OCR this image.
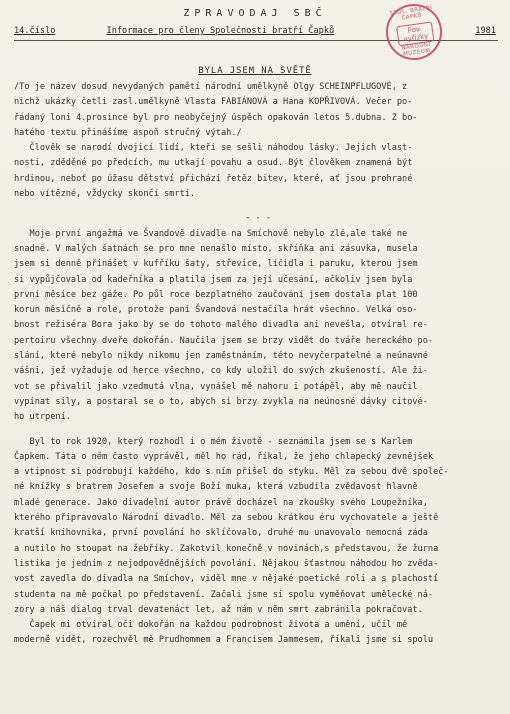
ZPRAVODAJ SBČ
14.číslo	Informace pro členy Společnosti bratří Čapků	1981
SPOL. BRATŘÍ ČAPKŮ
Pov. vyřízky
NÁRODNÍ MUZEUM
BYLA JSEM NA SVĚTĚ
/To je název dosud nevydaných pamětí národní umělkyně Olgy SCHEINPFLUGOVÉ, z
nichž ukázky četli zasl.umělkyně Vlasta FABIÁNOVÁ a Hana KOPŘIVOVÁ. Večer po-
řádaný loni 4.prosince byl pro neobyčejný úspěch opakován letos 5.dubna. Z bo-
hatého textu přinášíme aspoň stručný výtah./
Člověk se narodí dvojicí lidí, kteří se sešli náhodou lásky. Jejich vlast-
nosti, zděděné po předcích, mu utkají povahu a osud. Být člověkem znamená být
hrdinou, neboť po úžasu dětství přichází řetěz bitev, které, ať jsou prohrané
nebo vítězné, vždycky skončí smrtí.
- - -
Moje první angažmá ve Švandově divadle na Smíchově nebylo zlé,ale také ne
snadné. V malých šatnách se pro mne nenašlo místo, skříňka ani zásuvka, musela
jsem si denně přinášet v kufříku šaty, střevíce, líčidla i paruku, kterou jsem
si vypůjčovala od kadeřníka a platila jsem za její učesání, ačkoliv jsem byla
první měsíce bez gáže. Po půl roce bezplatného zaučování jsem dostala plat 100
korun měsíčně a role, protože paní Švandová nestačila hrát všechno. Velká oso-
bnost režiséra Bora jako by se do tohoto malého divadla ani nevešla, otvíral re-
pertoiru všechny dveře dokořán. Naučila jsem se brzy vidět do tváře hereckého po-
slání, které nebylo nikdy nikomu jen zaměstnáním, této nevyčerpatelné a neúnavné
vášni, jež vyžaduje od herce všechno, co kdy uložil do svých zkušeností. Ale ži-
vot se přivalil jako vzedmutá vlna, vynášel mě nahoru i potápěl, aby mě naučil
vypínat síly, a postaral se o to, abych si brzy zvykla na neúnosné dávky citové-
ho utrpení.
Byl to rok 1920, který rozhodl i o mém životě - seznámila jsem se s Karlem
Čapkem. Táta o něm často vyprávěl, měl ho rád, říkal, že jeho chlapecký zevnějšek
a vtipnost si podrobují každého, kdo s ním přišel do styku. Měl za sebou dvě společ-
né knížky s bratrem Josefem a svoje Boží muka, která vzbudila zvědavost hlavně
mladé generace. Jako divadelní autor právě docházel na zkoušky svého Loupežníka,
kterého připravovalo Národní divadlo. Měl za sebou krátkou éru vychovatele a ještě
kratší knihovnika, první povolání ho sklíčovalo, druhé mu unavovalo nemocná záda
a nutilo ho stoupat na žebříky. Zakotvil konečně v novinách,s představou, že žurna
listika je jedním z nejodpovědnějších povolání. Nějakou šťastnou náhodou ho zvěda-
vost zavedla do divadla na Smíchov, viděl mne v nějaké poetické roli a s plachostí
studenta na mě počkal po představení. Začali jsme si spolu vyměňovat umělecké ná-
zory a náš dialog trval devatenáct let, až nám v něm smrt zabránila pokračovat.
Čapek mi otvíral oči dokořán na každou podrobnost života a umění, učil mě
moderně vidět, rozechvěl mě Prudhommem a Francisem Jammesem, říkali jsme si spolu
